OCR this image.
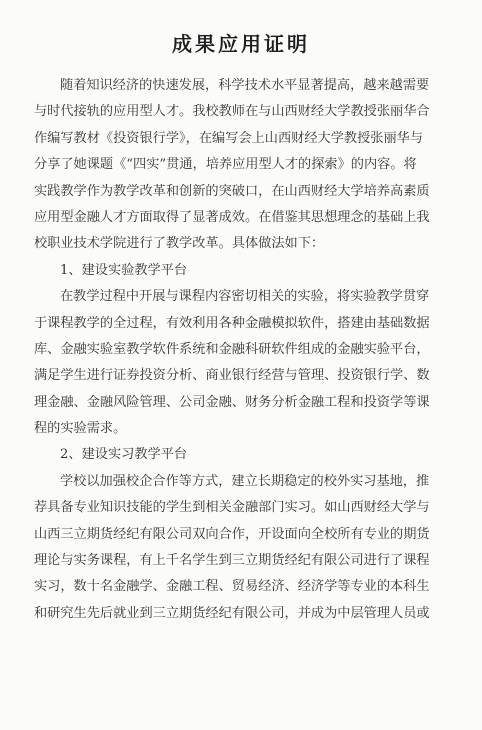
成果应用证明
随着知识经济的快速发展，科学技术水平显著提高，越来越需要
与时代接轨的应用型人才。我校教师在与山西财经大学教授张丽华合
作编写教材《投资银行学》，在编写会上山西财经大学教授张丽华与
分享了她课题《“四实”贯通，培养应用型人才的探索》的内容。将
实践教学作为教学改革和创新的突破口，在山西财经大学培养高素质
应用型金融人才方面取得了显著成效。在借鉴其思想理念的基础上我
校职业技术学院进行了教学改革。具体做法如下：
1、建设实验教学平台
在教学过程中开展与课程内容密切相关的实验，将实验教学贯穿
于课程教学的全过程，有效利用各种金融模拟软件，搭建由基础数据
库、金融实验室教学软件系统和金融科研软件组成的金融实验平台，
满足学生进行证券投资分析、商业银行经营与管理、投资银行学、数
理金融、金融风险管理、公司金融、财务分析金融工程和投资学等课
程的实验需求。
2、建设实习教学平台
学校以加强校企合作等方式，建立长期稳定的校外实习基地，推
荐具备专业知识技能的学生到相关金融部门实习。如山西财经大学与
山西三立期货经纪有限公司双向合作，开设面向全校所有专业的期货
理论与实务课程，有上千名学生到三立期货经纪有限公司进行了课程
实习，数十名金融学、金融工程、贸易经济、经济学等专业的本科生
和研究生先后就业到三立期货经纪有限公司，并成为中层管理人员或
